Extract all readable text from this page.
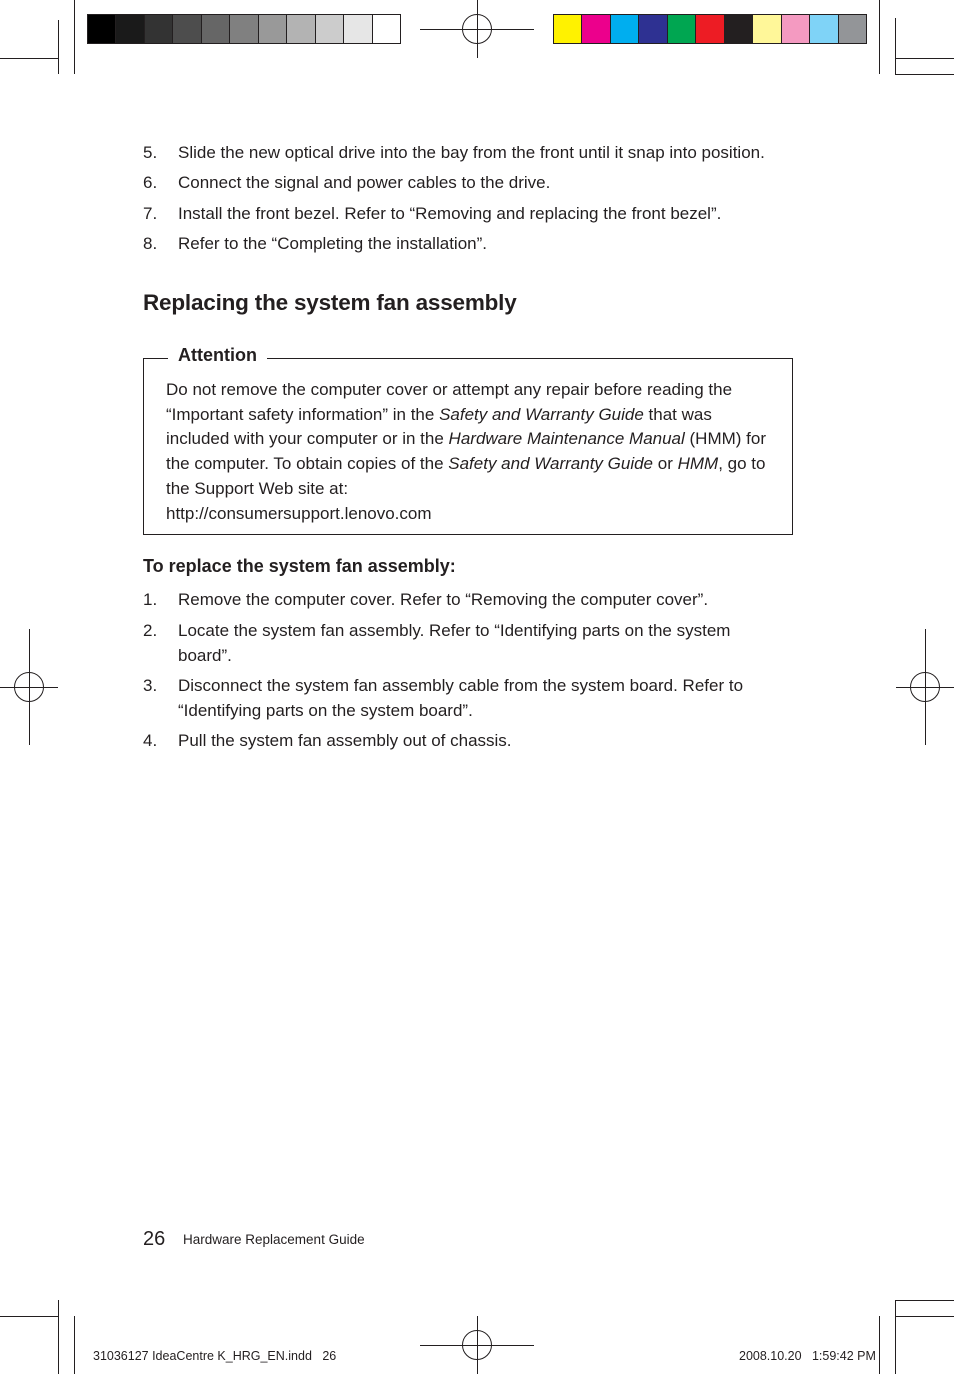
5.	Slide the new optical drive into the bay from the front until it snap into position.
6.	Connect the signal and power cables to the drive.
7.	Install the front bezel. Refer to “Removing and replacing the front bezel”.
8.	Refer to the “Completing the installation”.
Replacing the system fan assembly
Attention
Do not remove the computer cover or attempt any repair before reading the “Important safety information” in the Safety and Warranty Guide that was included with your computer or in the Hardware Maintenance Manual (HMM) for the computer. To obtain copies of the Safety and Warranty Guide or HMM, go to the Support Web site at:
http://consumersupport.lenovo.com
To replace the system fan assembly:
1.	Remove the computer cover. Refer to “Removing the computer cover”.
2.	Locate the system fan assembly. Refer to “Identifying parts on the system board”.
3.	Disconnect the system fan assembly cable from the system board. Refer to “Identifying parts on the system board”.
4.	Pull the system fan assembly out of chassis.
26 Hardware Replacement Guide
31036127 IdeaCentre K_HRG_EN.indd   26	2008.10.20   1:59:42 PM
